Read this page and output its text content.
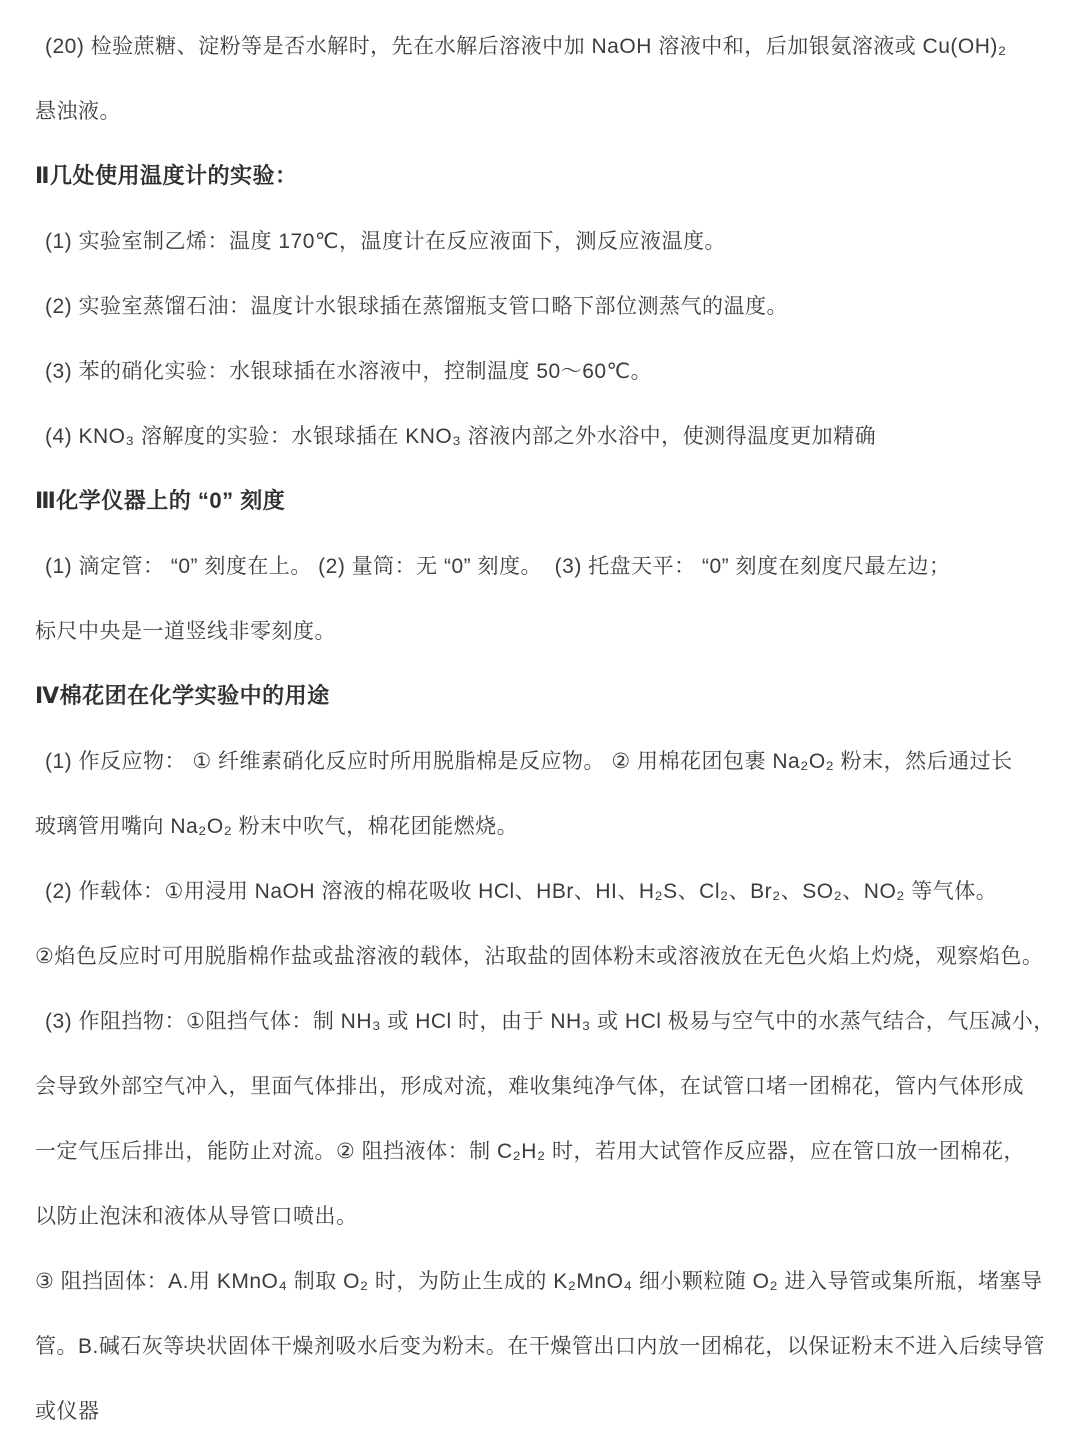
(20) 检验蔗糖、淀粉等是否水解时，先在水解后溶液中加 NaOH 溶液中和，后加银氨溶液或 Cu(OH)₂

悬浊液。

Ⅱ几处使用温度计的实验：

(1) 实验室制乙烯：温度 170℃，温度计在反应液面下，测反应液温度。

(2) 实验室蒸馏石油：温度计水银球插在蒸馏瓶支管口略下部位测蒸气的温度。

(3) 苯的硝化实验：水银球插在水溶液中，控制温度 50～60℃。

(4) KNO₃ 溶解度的实验：水银球插在 KNO₃ 溶液内部之外水浴中，使测得温度更加精确

Ⅲ化学仪器上的 “0” 刻度

(1) 滴定管： “0” 刻度在上。 (2) 量筒：无 “0” 刻度。  (3) 托盘天平： “0” 刻度在刻度尺最左边；

标尺中央是一道竖线非零刻度。

Ⅳ棉花团在化学实验中的用途

(1) 作反应物： ① 纤维素硝化反应时所用脱脂棉是反应物。 ② 用棉花团包裹 Na₂O₂ 粉末，然后通过长

玻璃管用嘴向 Na₂O₂ 粉末中吹气，棉花团能燃烧。

(2) 作载体：①用浸用 NaOH 溶液的棉花吸收 HCl、HBr、HI、H₂S、Cl₂、Br₂、SO₂、NO₂ 等气体。

②焰色反应时可用脱脂棉作盐或盐溶液的载体，沾取盐的固体粉末或溶液放在无色火焰上灼烧，观察焰色。

(3) 作阻挡物：①阻挡气体：制 NH₃ 或 HCl 时，由于 NH₃ 或 HCl 极易与空气中的水蒸气结合，气压减小，

会导致外部空气冲入，里面气体排出，形成对流，难收集纯净气体，在试管口堵一团棉花，管内气体形成

一定气压后排出，能防止对流。② 阻挡液体：制 C₂H₂ 时，若用大试管作反应器，应在管口放一团棉花，

以防止泡沫和液体从导管口喷出。

③ 阻挡固体：A.用 KMnO₄ 制取 O₂ 时，为防止生成的 K₂MnO₄ 细小颗粒随 O₂ 进入导管或集所瓶，堵塞导

管。B.碱石灰等块状固体干燥剂吸水后变为粉末。在干燥管出口内放一团棉花，以保证粉末不进入后续导管

或仪器
